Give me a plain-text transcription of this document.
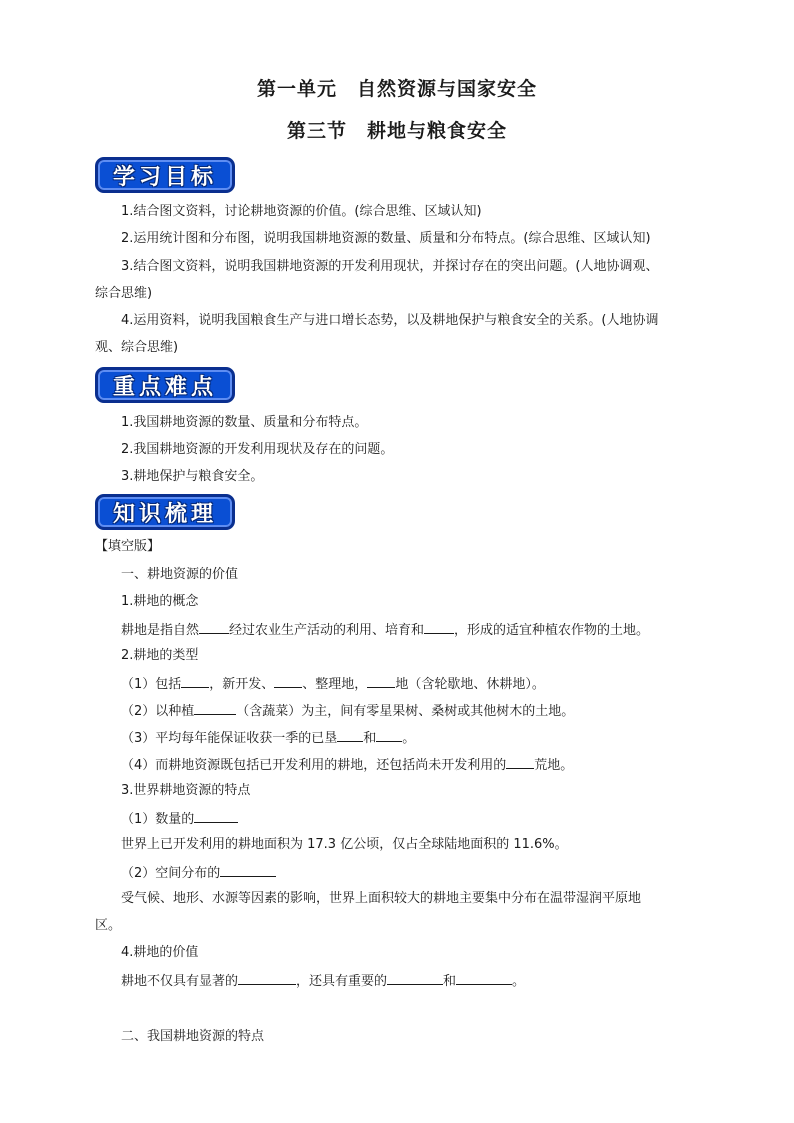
第一单元　自然资源与国家安全
第三节　耕地与粮食安全
学习目标
1.结合图文资料，讨论耕地资源的价值。(综合思维、区域认知)
2.运用统计图和分布图，说明我国耕地资源的数量、质量和分布特点。(综合思维、区域认知)
3.结合图文资料，说明我国耕地资源的开发利用现状，并探讨存在的突出问题。(人地协调观、
综合思维)
4.运用资料，说明我国粮食生产与进口增长态势，以及耕地保护与粮食安全的关系。(人地协调
观、综合思维)
重点难点
1.我国耕地资源的数量、质量和分布特点。
2.我国耕地资源的开发利用现状及存在的问题。
3.耕地保护与粮食安全。
知识梳理
【填空版】
一、耕地资源的价值
1.耕地的概念
耕地是指自然 经过农业生产活动的利用、培育和 ，形成的适宜种植农作物的土地。
2.耕地的类型
（1）包括 ，新开发、 、整理地， 地（含轮歇地、休耕地）。
（2）以种植	（含蔬菜）为主，间有零星果树、桑树或其他树木的土地。
（3）平均每年能保证收获一季的已垦 和 。
（4）而耕地资源既包括已开发利用的耕地，还包括尚未开发利用的 荒地。
3.世界耕地资源的特点
（1）数量的
世界上已开发利用的耕地面积为 17.3 亿公顷，仅占全球陆地面积的 11.6%。
（2）空间分布的
受气候、地形、水源等因素的影响，世界上面积较大的耕地主要集中分布在温带湿润平原地
区。
4.耕地的价值
耕地不仅具有显著的	，还具有重要的	和	。
二、我国耕地资源的特点
